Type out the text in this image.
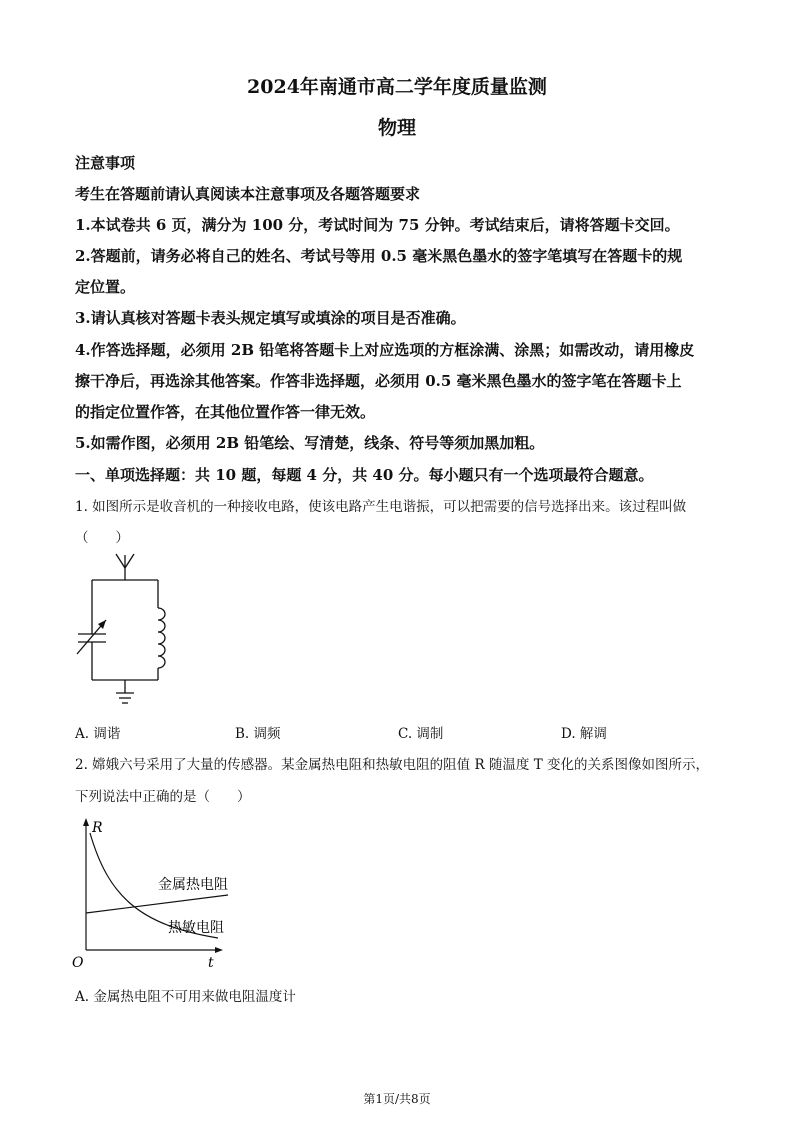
2024年南通市高二学年度质量监测
物理
注意事项
考生在答题前请认真阅读本注意事项及各题答题要求
1.本试卷共 6 页，满分为 100 分，考试时间为 75 分钟。考试结束后，请将答题卡交回。
2.答题前，请务必将自己的姓名、考试号等用 0.5 毫米黑色墨水的签字笔填写在答题卡的规
定位置。
3.请认真核对答题卡表头规定填写或填涂的项目是否准确。
4.作答选择题，必须用 2B 铅笔将答题卡上对应选项的方框涂满、涂黑；如需改动，请用橡皮
擦干净后，再选涂其他答案。作答非选择题，必须用 0.5 毫米黑色墨水的签字笔在答题卡上
的指定位置作答，在其他位置作答一律无效。
5.如需作图，必须用 2B 铅笔绘、写清楚，线条、符号等须加黑加粗。
一、单项选择题：共 10 题，每题 4 分，共 40 分。每小题只有一个选项最符合题意。
1. 如图所示是收音机的一种接收电路，使该电路产生电谐振，可以把需要的信号选择出来。该过程叫做
（　　）
A. 调谐	B. 调频	C. 调制	D. 解调
2. 嫦娥六号采用了大量的传感器。某金属热电阻和热敏电阻的阻值 R 随温度 T 变化的关系图像如图所示，
下列说法中正确的是（　　）
R
t
O
金属热电阻
热敏电阻
A. 金属热电阻不可用来做电阻温度计
第1页/共8页
